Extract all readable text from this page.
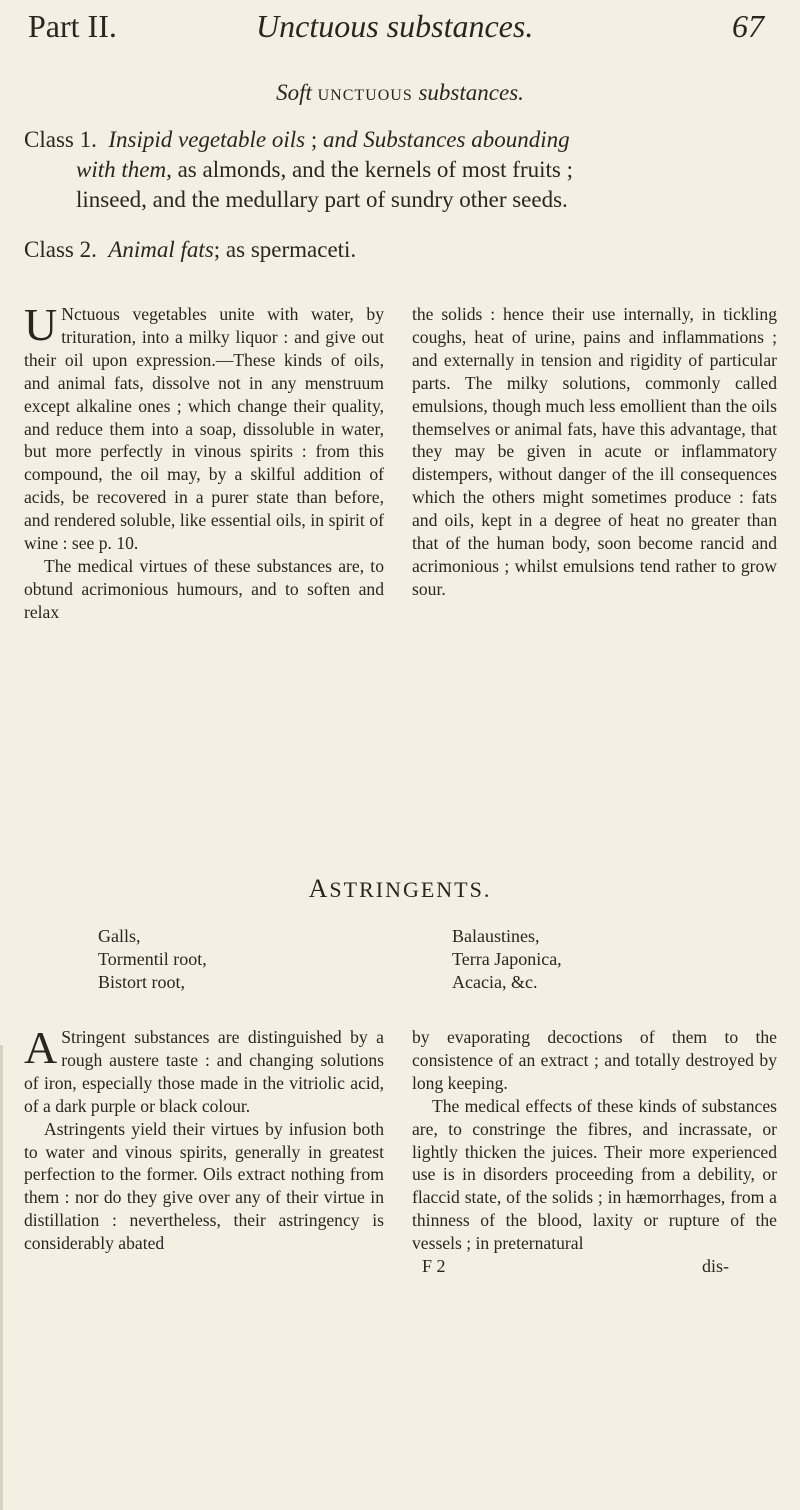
Part II.	Unctuous substances.	67
Soft unctuous substances.
Class 1. Insipid vegetable oils ; and Substances abounding
with them, as almonds, and the kernels of most fruits ;
linseed, and the medullary part of sundry other seeds.
Class 2. Animal fats; as spermaceti.
U Nctuous vegetables unite with water, by trituration, into a milky liquor : and give out their oil upon expression.—These kinds of oils, and animal fats, dissolve not in any menstruum except alkaline ones ; which change their quality, and reduce them into a soap, dissoluble in water, but more perfectly in vinous spirits : from this compound, the oil may, by a skilful addition of acids, be recovered in a purer state than before, and rendered soluble, like essential oils, in spirit of wine : see p. 10.

The medical virtues of these substances are, to obtund acrimonious humours, and to soften and relax

the solids : hence their use internally, in tickling coughs, heat of urine, pains and inflammations ; and externally in tension and rigidity of particular parts. The milky solutions, commonly called emulsions, though much less emollient than the oils themselves or animal fats, have this advantage, that they may be given in acute or inflammatory distempers, without danger of the ill consequences which the others might sometimes produce : fats and oils, kept in a degree of heat no greater than that of the human body, soon become rancid and acrimonious ; whilst emulsions tend rather to grow sour.

ASTRINGENTS.
Galls,
Tormentil root,
Bistort root,
Balaustines,
Terra Japonica,
Acacia, &c.
A Stringent substances are distinguished by a rough austere taste : and changing solutions of iron, especially those made in the vitriolic acid, of a dark purple or black colour.

Astringents yield their virtues by infusion both to water and vinous spirits, generally in greatest perfection to the former. Oils extract nothing from them : nor do they give over any of their virtue in distillation : nevertheless, their astringency is considerably abated

by evaporating decoctions of them to the consistence of an extract ; and totally destroyed by long keeping.

The medical effects of these kinds of substances are, to constringe the fibres, and incrassate, or lightly thicken the juices. Their more experienced use is in disorders proceeding from a debility, or flaccid state, of the solids ; in hæmorrhages, from a thinness of the blood, laxity or rupture of the vessels ; in preternatural

F 2	dis-
